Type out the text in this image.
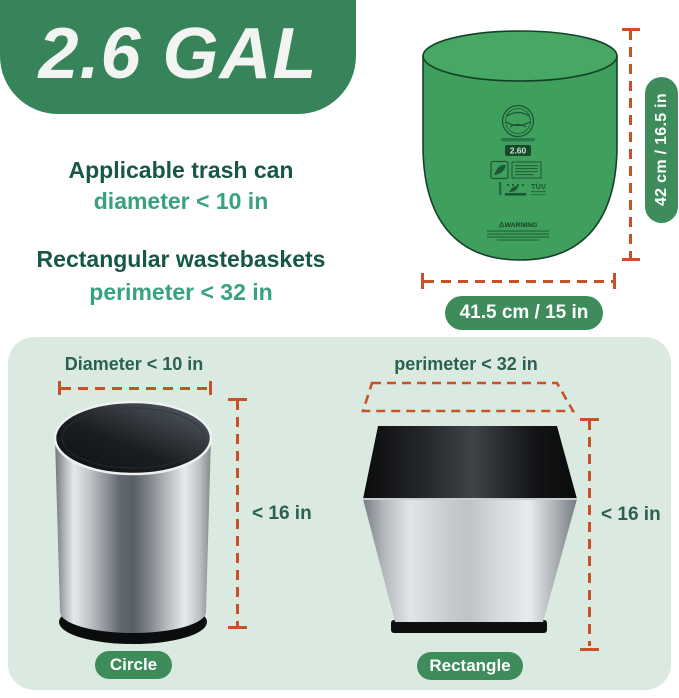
2.6 GAL
Applicable trash can
diameter < 10 in
Rectangular wastebaskets
perimeter < 32 in
2.60
TÜV
⚠WARNING
42 cm / 16.5 in
41.5 cm / 15 in
Diameter < 10 in
< 16 in
Circle
perimeter < 32 in
< 16 in
Rectangle
